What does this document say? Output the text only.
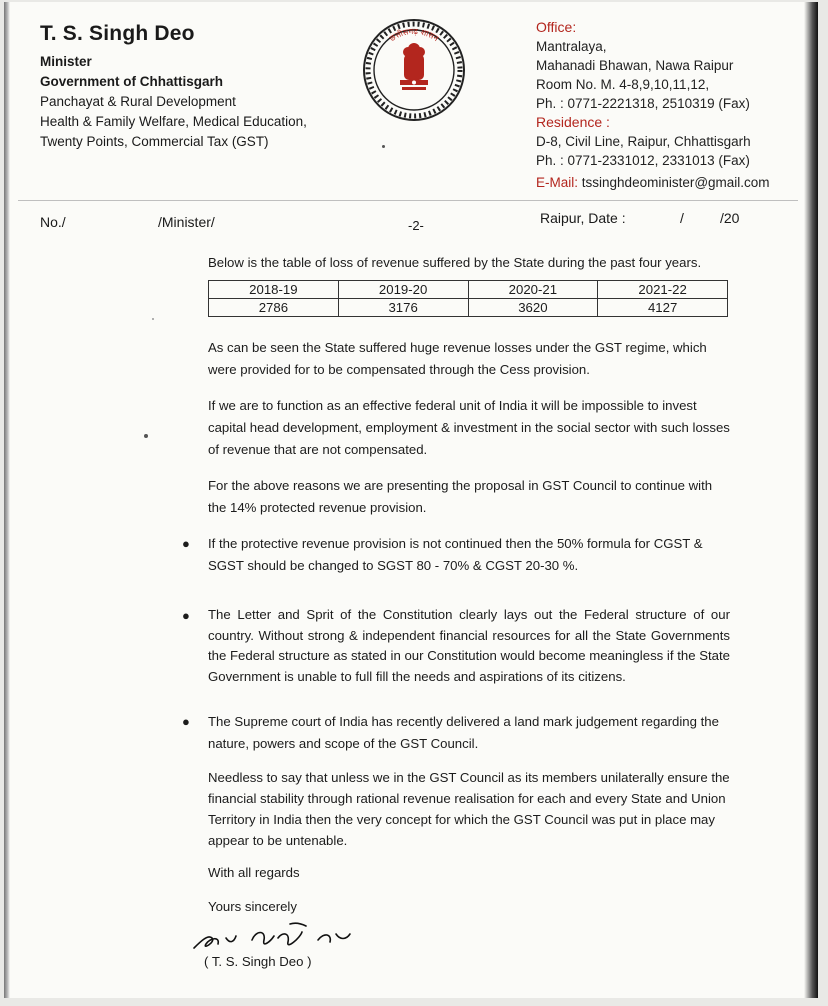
T. S. Singh Deo
Minister
Government of Chhattisgarh
Panchayat & Rural Development
Health & Family Welfare, Medical Education,
Twenty Points, Commercial Tax (GST)
छत्तीसगढ़ शासन
Office:
Mantralaya,
Mahanadi Bhawan, Nawa Raipur
Room No. M. 4-8,9,10,11,12,
Ph. : 0771-2221318, 2510319 (Fax)
Residence :
D-8, Civil Line, Raipur, Chhattisgarh
Ph. : 0771-2331012, 2331013 (Fax)
E-Mail: tssinghdeominister@gmail.com
No./	/Minister/	-2-	Raipur, Date :	/	/20
Below is the table of loss of revenue suffered by the State during the past four years.
2018-19	2019-20	2020-21	2021-22
2786	3176	3620	4127
As can be seen the State suffered huge revenue losses under the GST regime, which were provided for to be compensated through the Cess provision.
If we are to function as an effective federal unit of India it will be impossible to invest capital head development, employment & investment in the social sector with such losses of revenue that are not compensated.
For the above reasons we are presenting the proposal in GST Council to continue with the 14% protected revenue provision.
● If the protective revenue provision is not continued then the 50% formula for CGST & SGST should be changed to SGST 80 - 70% & CGST 20-30 %.
● The Letter and Sprit of the Constitution clearly lays out the Federal structure of our country. Without strong & independent financial resources for all the State Governments the Federal structure as stated in our Constitution would become meaningless if the State Government is unable to full fill the needs and aspirations of its citizens.
● The Supreme court of India has recently delivered a land mark judgement regarding the nature, powers and scope of the GST Council.
Needless to say that unless we in the GST Council as its members unilaterally ensure the financial stability through rational revenue realisation for each and every State and Union Territory in India then the very concept for which the GST Council was put in place may appear to be untenable.
With all regards
Yours sincerely
( T. S. Singh Deo )
